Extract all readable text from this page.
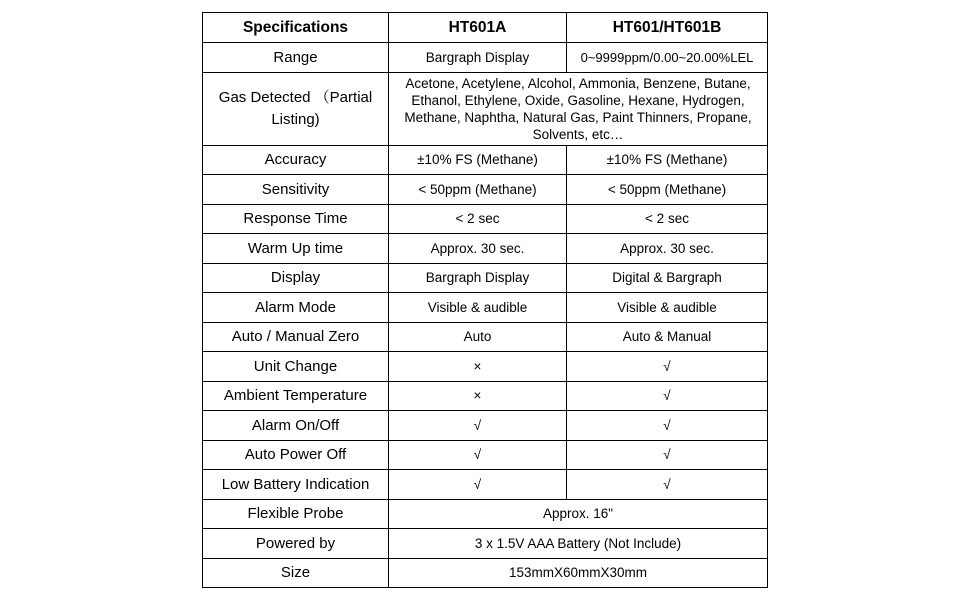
Specifications	HT601A	HT601/HT601B
Range	Bargraph Display	0~9999ppm/0.00~20.00%LEL
Gas Detected （Partial Listing)	Acetone, Acetylene, Alcohol, Ammonia, Benzene, Butane, Ethanol, Ethylene, Oxide, Gasoline, Hexane, Hydrogen, Methane, Naphtha, Natural Gas, Paint Thinners, Propane, Solvents, etc…	
Accuracy	±10% FS (Methane)	±10% FS (Methane)
Sensitivity	< 50ppm (Methane)	< 50ppm (Methane)
Response Time	< 2 sec	< 2 sec
Warm Up time	Approx. 30 sec.	Approx. 30 sec.
Display	Bargraph Display	Digital & Bargraph
Alarm Mode	Visible & audible	Visible & audible
Auto / Manual Zero	Auto	Auto & Manual
Unit Change	×	√
Ambient Temperature	×	√
Alarm On/Off	√	√
Auto Power Off	√	√
Low Battery Indication	√	√
Flexible Probe	Approx. 16"	
Powered by	3 x 1.5V AAA Battery (Not Include)	
Size	153mmX60mmX30mm	
